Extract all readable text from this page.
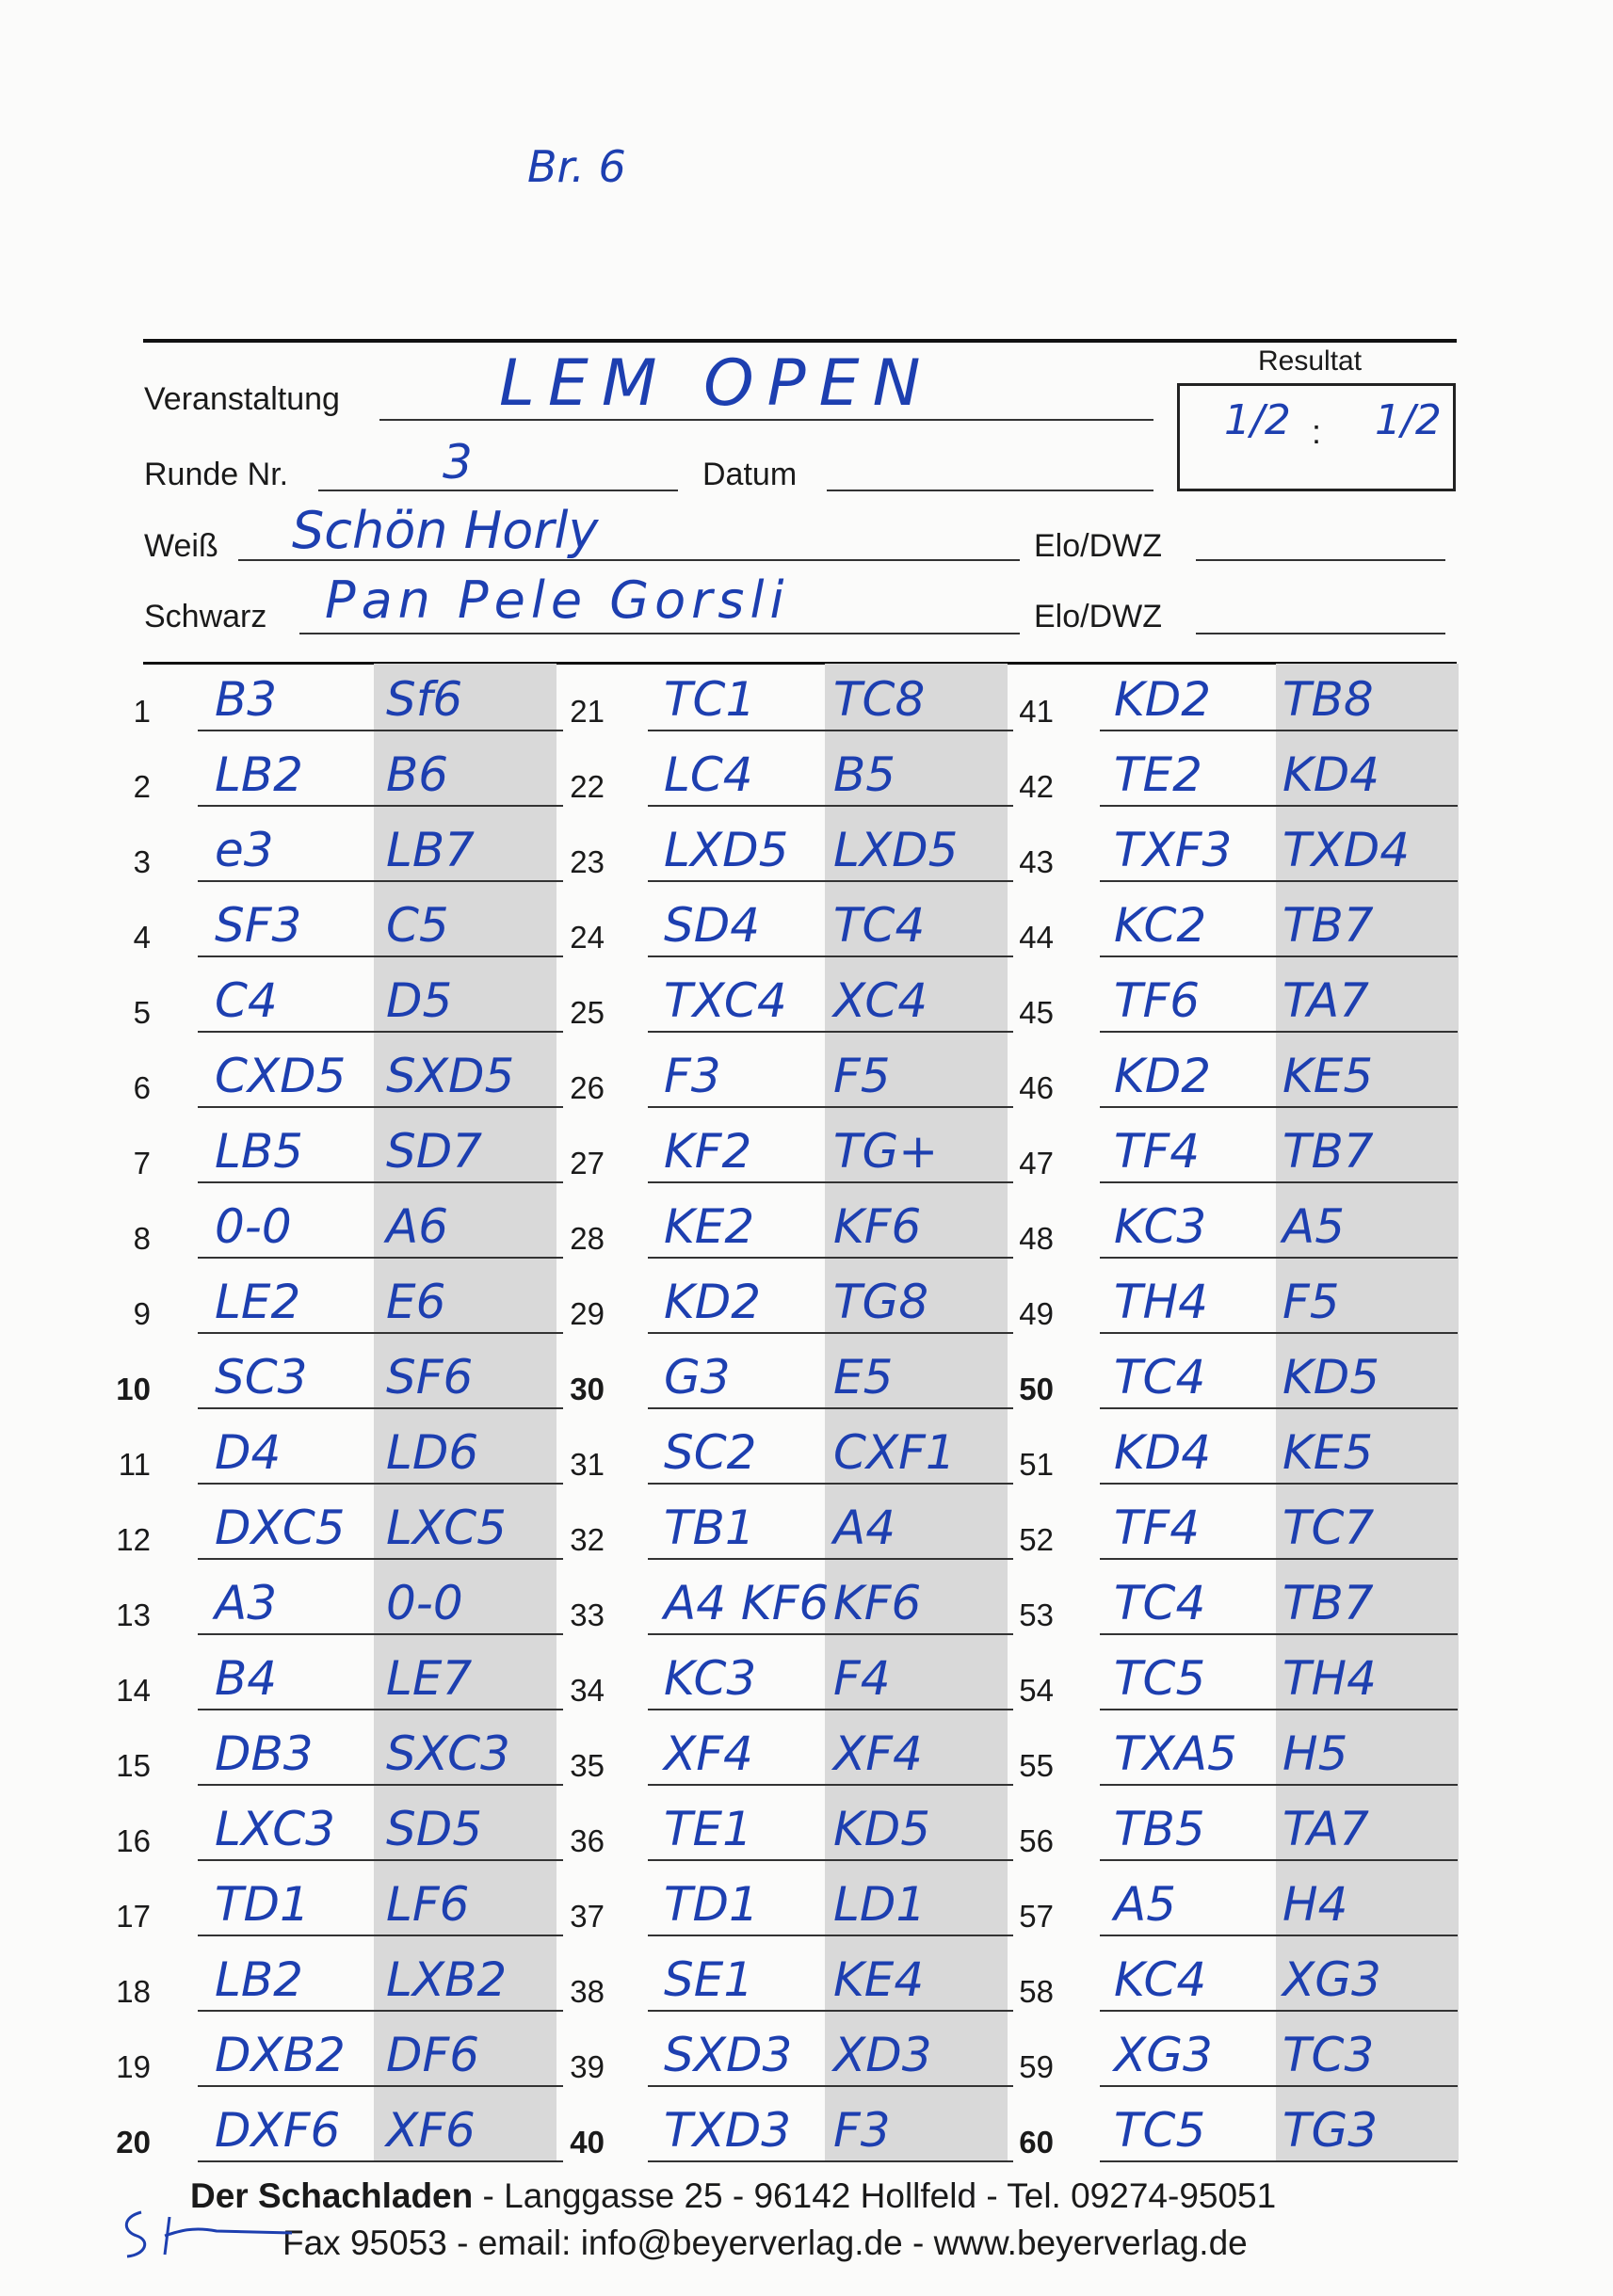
Br. 6
Veranstaltung LEM OPEN
Runde Nr.	3	Datum
Weiß Schön Horly
Schwarz Pan Pele Gorsli
Elo/DWZ
Elo/DWZ
Resultat
1/2 : 1/2
1 B3 Sf6
2 LB2 B6
3 e3 LB7
4 SF3 C5
5 C4 D5
6 CXD5 SXD5
7 LB5 SD7
8 0-0 A6
9 LE2 E6
10 SC3 SF6
11 D4 LD6
12 DXC5 LXC5
13 A3 0-0
14 B4 LE7
15 DB3 SXC3
16 LXC3 SD5
17 TD1 LF6
18 LB2 LXB2
19 DXB2 DF6
20 DXF6 XF6
21 TC1 TC8
22 LC4 B5
23 LXD5 LXD5
24 SD4 TC4
25 TXC4 XC4
26 F3 F5
27 KF2 TG+
28 KE2 KF6
29 KD2 TG8
30 G3 E5
31 SC2 CXF1
32 TB1 A4
33 A4 KF6 KF6
34 KC3 F4
35 XF4 XF4
36 TE1 KD5
37 TD1 LD1
38 SE1 KE4
39 SXD3 XD3
40 TXD3 F3
41 KD2 TB8
42 TE2 KD4
43 TXF3 TXD4
44 KC2 TB7
45 TF6 TA7
46 KD2 KE5
47 TF4 TB7
48 KC3 A5
49 TH4 F5
50 TC4 KD5
51 KD4 KE5
52 TF4 TC7
53 TC4 TB7
54 TC5 TH4
55 TXA5 H5
56 TB5 TA7
57 A5 H4
58 KC4 XG3
59 XG3 TC3
60 TC5 TG3
Der Schachladen - Langgasse 25 - 96142 Hollfeld - Tel. 09274-95051
Fax 95053 - email: info@beyerverlag.de - www.beyerverlag.de
